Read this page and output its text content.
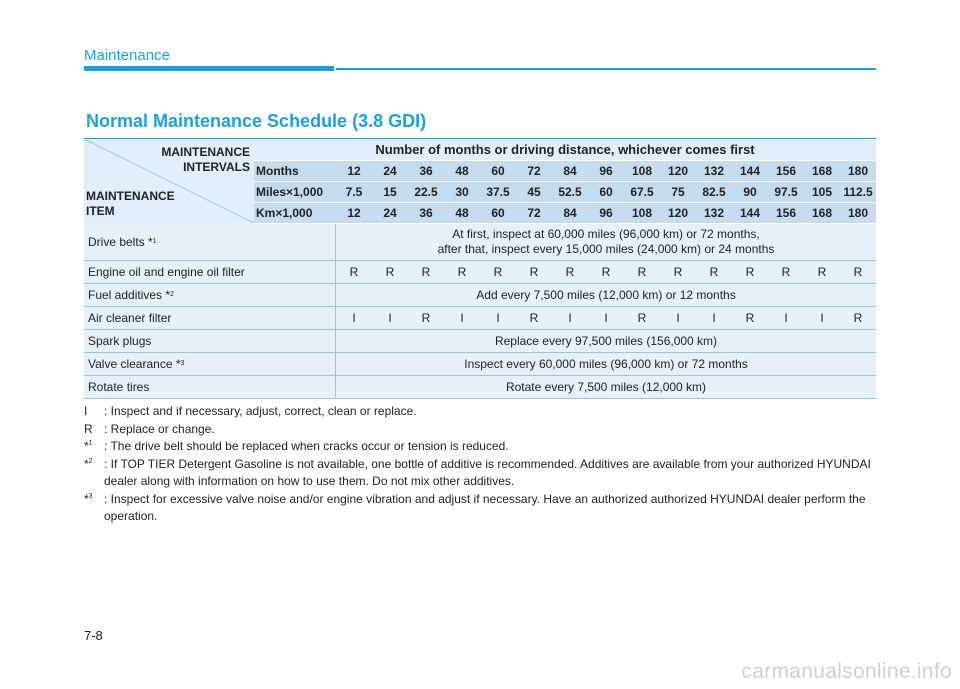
Maintenance
Normal Maintenance Schedule (3.8 GDI)
MAINTENANCE
INTERVALS
MAINTENANCE
ITEM
Number of months or driving distance, whichever comes first
Months	12	24	36	48	60	72	84	96	108	120	132	144	156	168	180
Miles×1,000	7.5	15	22.5	30	37.5	45	52.5	60	67.5	75	82.5	90	97.5	105 112.5
Km×1,000	12	24	36	48	60	72	84	96	108	120	132	144	156	168	180
Drive belts * 1
At first, inspect at 60,000 miles (96,000 km) or 72 months,
after that, inspect every 15,000 miles (24,000 km) or 24 months
Engine oil and engine oil filter	R	R	R	R	R	R	R	R	R	R	R	R	R	R	R
Fuel additives * 2	Add every 7,500 miles (12,000 km) or 12 months
Air cleaner filter	I	I	R	I	I	R	I	I	R	I	I	R	I	I	R
Spark plugs	Replace every 97,500 miles (156,000 km)
Valve clearance * 3	Inspect every 60,000 miles (96,000 km) or 72 months
Rotate tires	Rotate every 7,500 miles (12,000 km)
I	: Inspect and if necessary, adjust, correct, clean or replace.
R : Replace or change.
*$^1$ : The drive belt should be replaced when cracks occur or tension is reduced.
*$^2$ : If TOP TIER Detergent Gasoline is not available, one bottle of additive is recommended. Additives are available from your authorized HYUNDAI dealer along with information on how to use them. Do not mix other additives.
*$^3$ : Inspect for excessive valve noise and/or engine vibration and adjust if necessary. Have an authorized authorized HYUNDAI dealer perform the operation.
7-8
carmanualsonline.info
